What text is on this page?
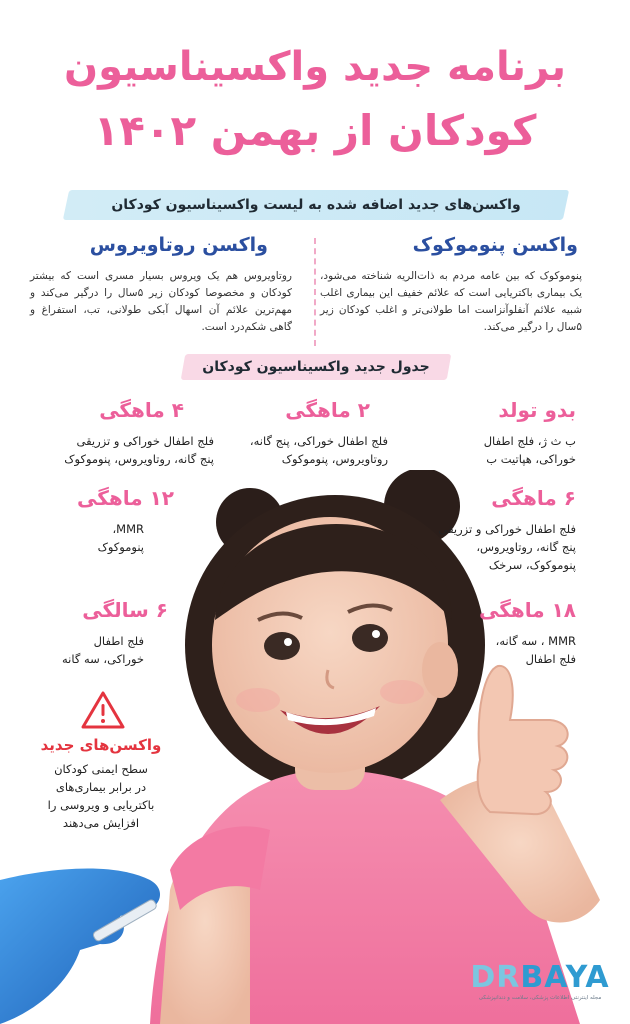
برنامه جدید واکسیناسیون
کودکان از بهمن ۱۴۰۲
واکسن‌های جدید اضافه شده به لیست واکسیناسیون کودکان
واکسن پنوموکوک
پنوموکوک که بین عامه مردم به ذات‌الریه شناخته می‌شود، یک بیماری باکتریایی است که علائم خفیف این بیماری اغلب شبیه علائم آنفلوآنزاست اما طولانی‌تر و اغلب کودکان زیر ۵سال را درگیر می‌کند.
واکسن روتاویروس
روتاویروس هم یک ویروس بسیار مسری است که بیشتر کودکان و مخصوصا کودکان زیر ۵سال را درگیر می‌کند و مهم‌ترین علائم آن اسهال آبکی طولانی، تب، استفراغ و گاهی شکم‌درد است.
جدول جدید واکسیناسیون کودکان
بدو تولد
ب ث ژ، فلج اطفال
خوراکی، هپاتیت ب
۶ ماهگی
فلج اطفال خوراکی و تزریقی
پنج گانه، روتاویروس،
پنوموکوک، سرخک
۱۸ ماهگی
MMR ، سه گانه،
فلج اطفال
۲ ماهگی
فلج اطفال خوراکی، پنج گانه،
روتاویروس، پنوموکوک
۴ ماهگی
فلج اطفال خوراکی و تزریقی
پنج گانه، روتاویروس، پنوموکوک
۱۲ ماهگی
MMR،
پنوموکوک
۶ سالگی
فلج اطفال
خوراکی، سه گانه
واکسن‌های جدید
سطح ایمنی کودکان
در برابر بیماری‌های
باکتریایی و ویروسی را
افزایش می‌دهند
DRBAYA
مجله اینترنتی اطلاعات پزشکی، سلامت و دندانپزشکی
